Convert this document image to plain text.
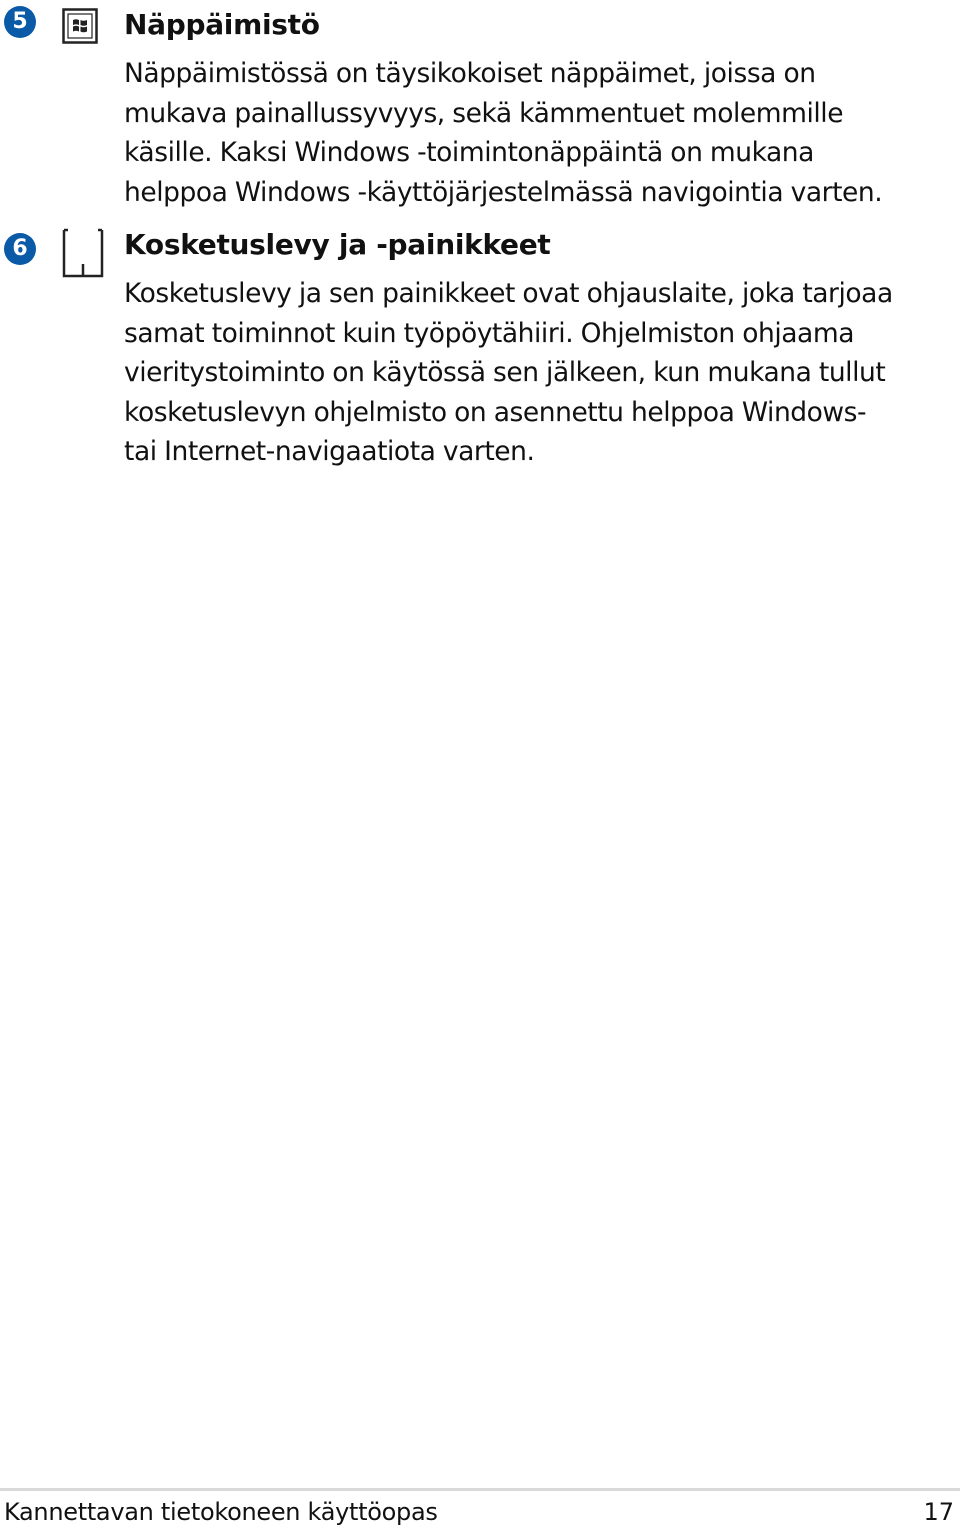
5	Näppäimistö
Näppäimistössä on täysikokoiset näppäimet, joissa on
mukava painallussyvyys, sekä kämmentuet molemmille
käsille. Kaksi Windows -toimintonäppäintä on mukana
helppoa Windows -käyttöjärjestelmässä navigointia varten.
6	Kosketuslevy ja -painikkeet
Kosketuslevy ja sen painikkeet ovat ohjauslaite, joka tarjoaa
samat toiminnot kuin työpöytähiiri. Ohjelmiston ohjaama
vieritystoiminto on käytössä sen jälkeen, kun mukana tullut
kosketuslevyn ohjelmisto on asennettu helppoa Windows-
tai Internet-navigaatiota varten.
Kannettavan tietokoneen käyttöopas	17
